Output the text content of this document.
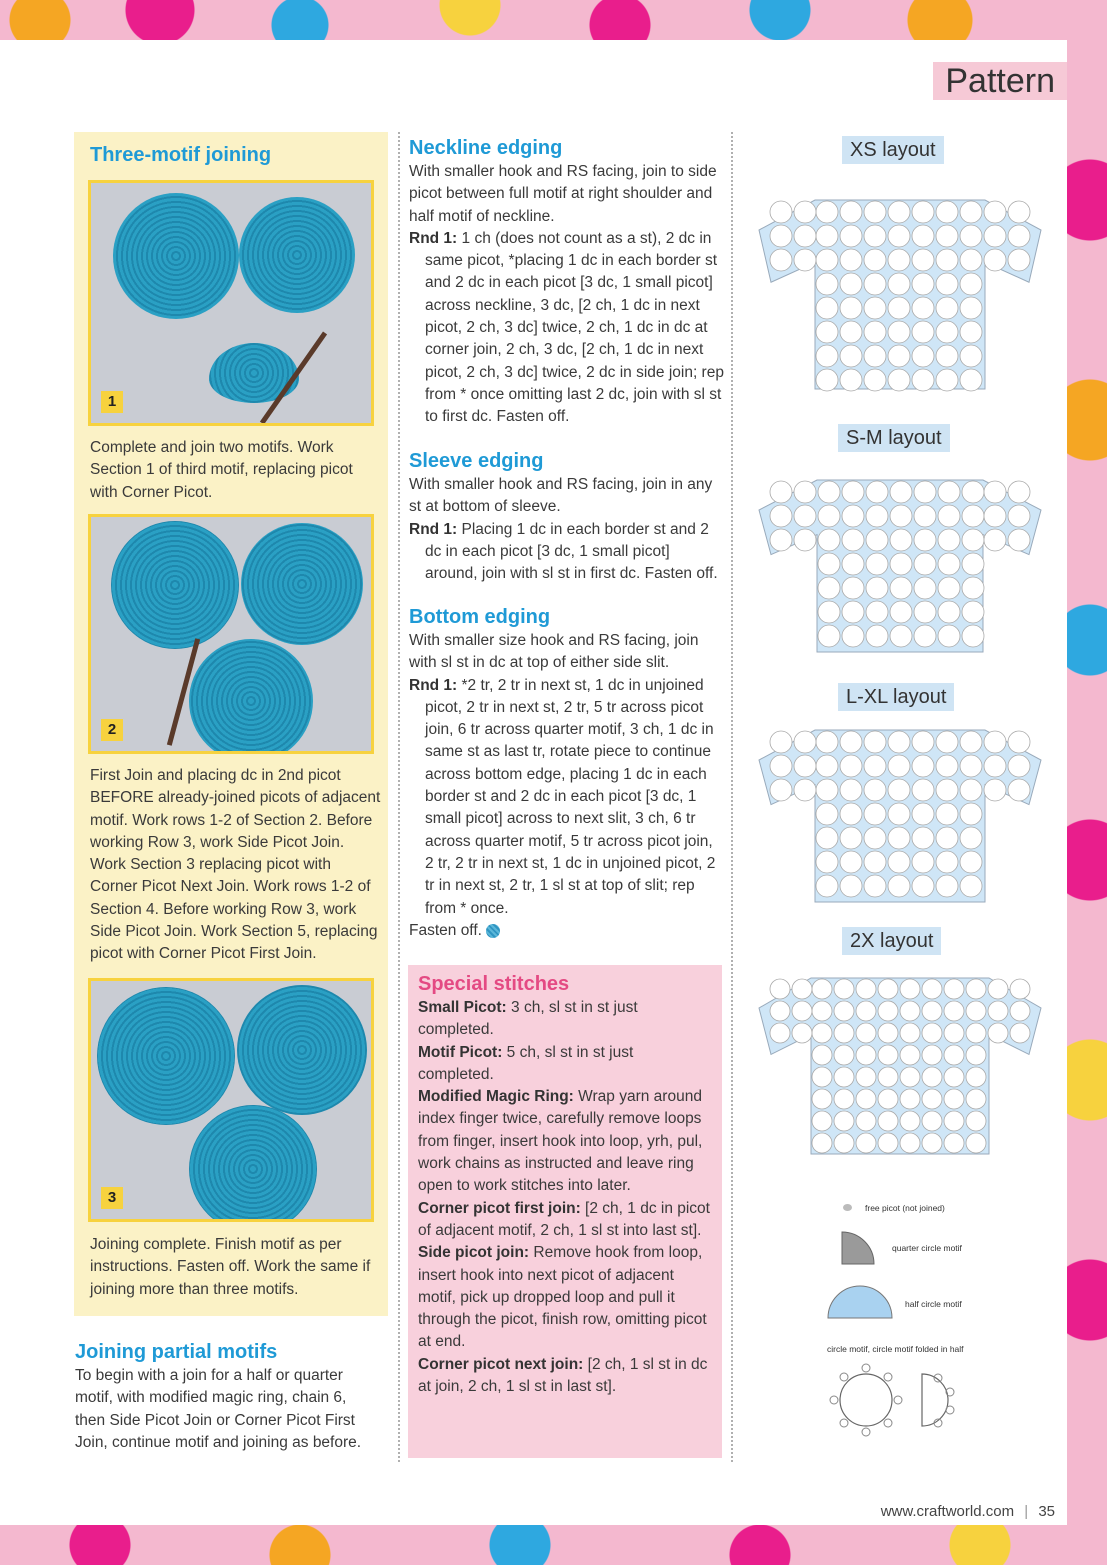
Pattern
Three-motif joining
1
Complete and join two motifs. Work Section 1 of third motif, replacing picot with Corner Picot.
2
First Join and placing dc in 2nd picot BEFORE already-joined picots of adjacent motif. Work rows 1-2 of Section 2. Before working Row 3, work Side Picot Join. Work Section 3 replacing picot with Corner Picot Next Join. Work rows 1-2 of Section 4. Before working Row 3, work Side Picot Join. Work Section 5, replacing picot with Corner Picot First Join.
3
Joining complete. Finish motif as per instructions. Fasten off. Work the same if joining more than three motifs.
Joining partial motifs
To begin with a join for a half or quarter motif, with modified magic ring, chain 6, then Side Picot Join or Corner Picot First Join, continue motif and joining as before.
Neckline edging
With smaller hook and RS facing, join to side picot between full motif at right shoulder and half motif of neckline.
Rnd 1: 1 ch (does not count as a st), 2 dc in same picot, *placing 1 dc in each border st and 2 dc in each picot [3 dc, 1 small picot] across neckline, 3 dc, [2 ch, 1 dc in next picot, 2 ch, 3 dc] twice, 2 ch, 1 dc in dc at corner join, 2 ch, 3 dc, [2 ch, 1 dc in next picot, 2 ch, 3 dc] twice, 2 dc in side join; rep from * once omitting last 2 dc, join with sl st to first dc. Fasten off.
Sleeve edging
With smaller hook and RS facing, join in any st at bottom of sleeve.
Rnd 1: Placing 1 dc in each border st and 2 dc in each picot [3 dc, 1 small picot] around, join with sl st in first dc. Fasten off.
Bottom edging
With smaller size hook and RS facing, join with sl st in dc at top of either side slit.
Rnd 1: *2 tr, 2 tr in next st, 1 dc in unjoined picot, 2 tr in next st, 2 tr, 5 tr across picot join, 6 tr across quarter motif, 3 ch, 1 dc in same st as last tr, rotate piece to continue across bottom edge, placing 1 dc in each border st and 2 dc in each picot [3 dc, 1 small picot] across to next slit, 3 ch, 6 tr across quarter motif, 5 tr across picot join, 2 tr, 2 tr in next st, 1 dc in unjoined picot, 2 tr in next st, 2 tr, 1 sl st at top of slit; rep from * once.
Fasten off.
Special stitches
Small Picot: 3 ch, sl st in st just completed.
Motif Picot: 5 ch, sl st in st just completed.
Modified Magic Ring: Wrap yarn around index finger twice, carefully remove loops from finger, insert hook into loop, yrh, pul, work chains as instructed and leave ring open to work stitches into later.
Corner picot first join: [2 ch, 1 dc in picot of adjacent motif, 2 ch, 1 sl st into last st].
Side picot join: Remove hook from loop, insert hook into next picot of adjacent motif, pick up dropped loop and pull it through the picot, finish row, omitting picot at end.
Corner picot next join: [2 ch, 1 sl st in dc at join, 2 ch, 1 sl st in last st].
XS layout
S-M layout
L-XL layout
2X layout
free picot (not joined)
quarter circle motif
half circle motif
circle motif, circle motif folded in half
www.craftworld.com | 35
